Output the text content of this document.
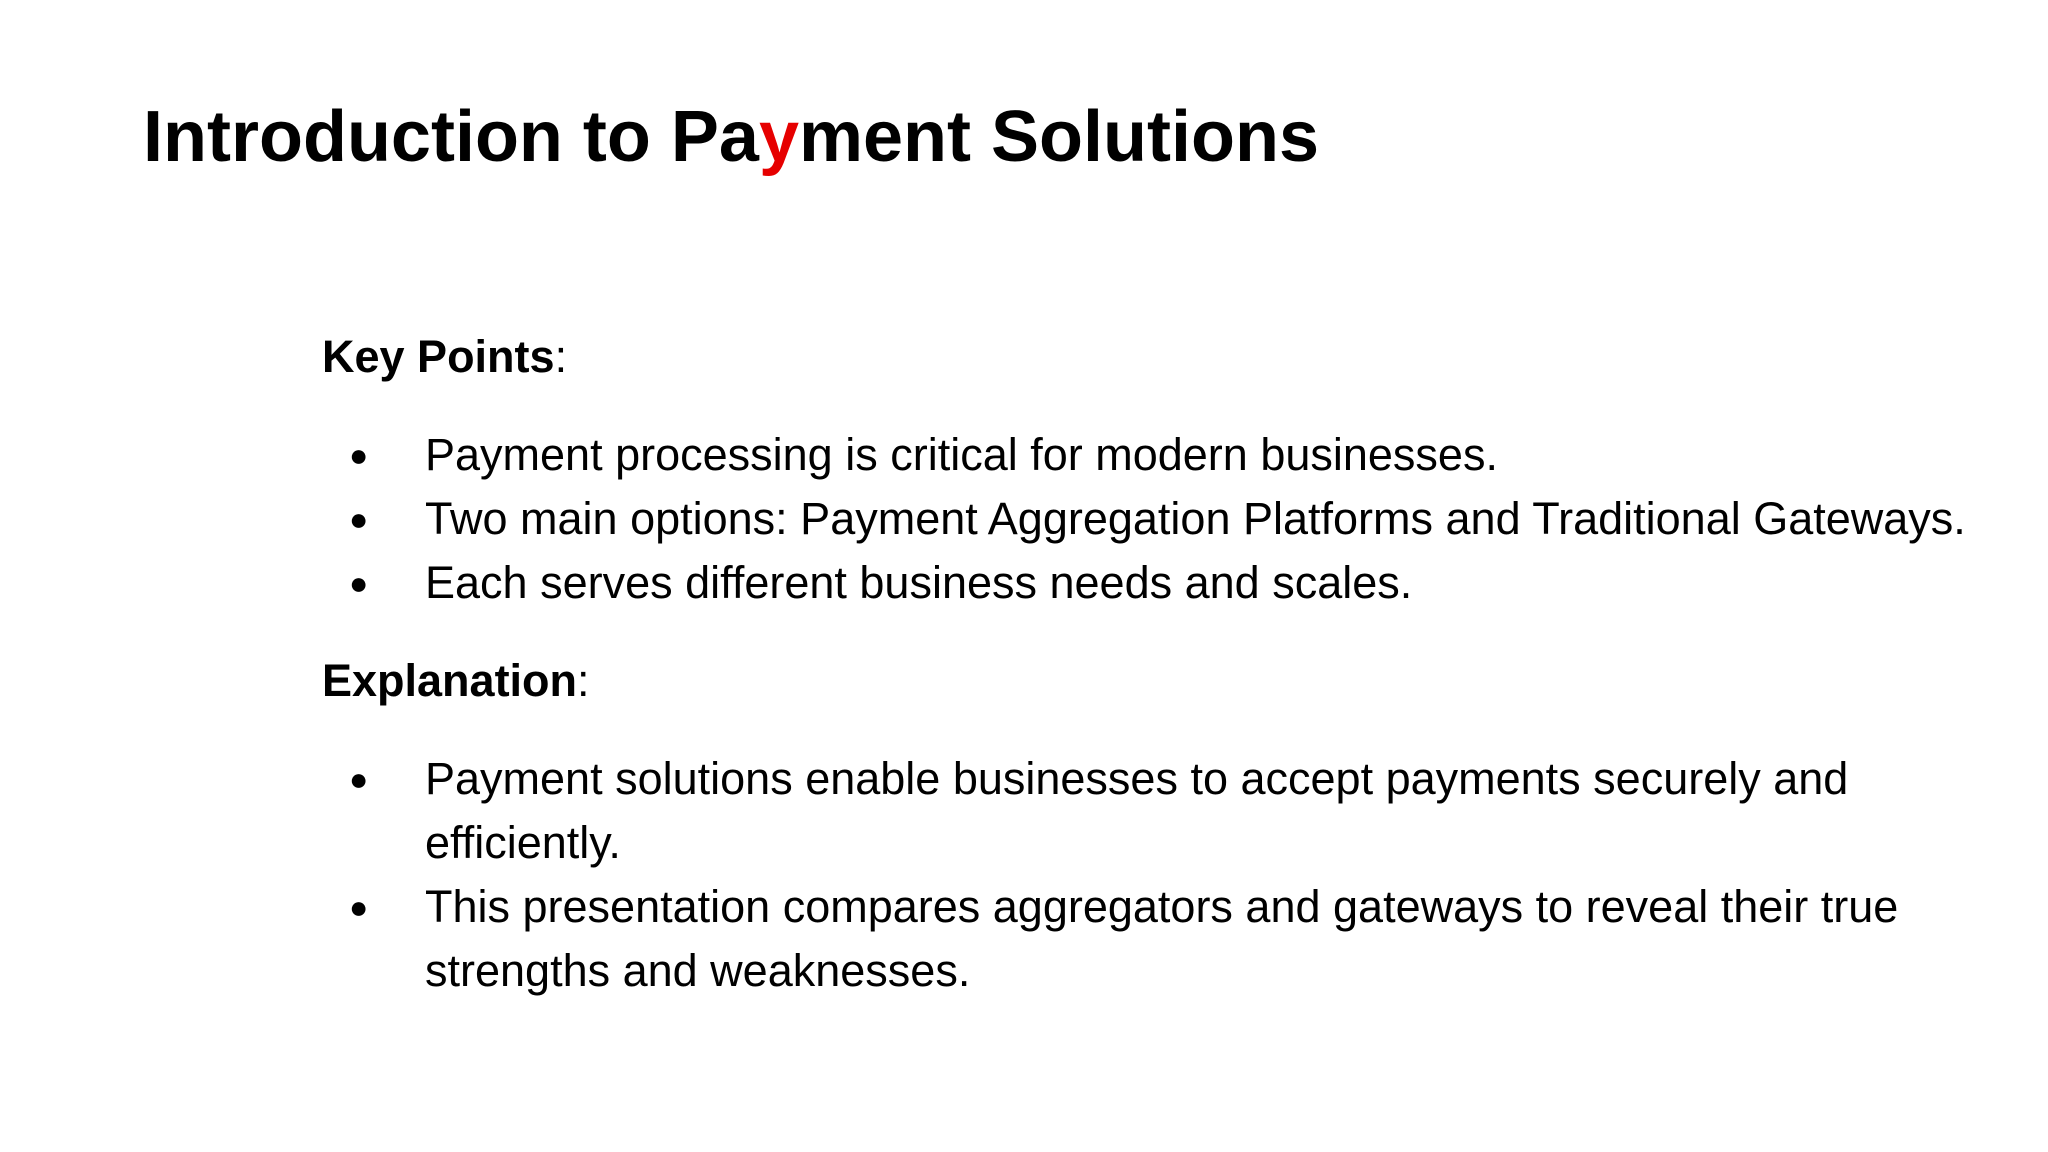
Introduction to Payment Solutions

Key Points:

● Payment processing is critical for modern businesses.
● Two main options: Payment Aggregation Platforms and Traditional Gateways.
● Each serves different business needs and scales.

Explanation:

● Payment solutions enable businesses to accept payments securely and efficiently.
● This presentation compares aggregators and gateways to reveal their true strengths and weaknesses.
